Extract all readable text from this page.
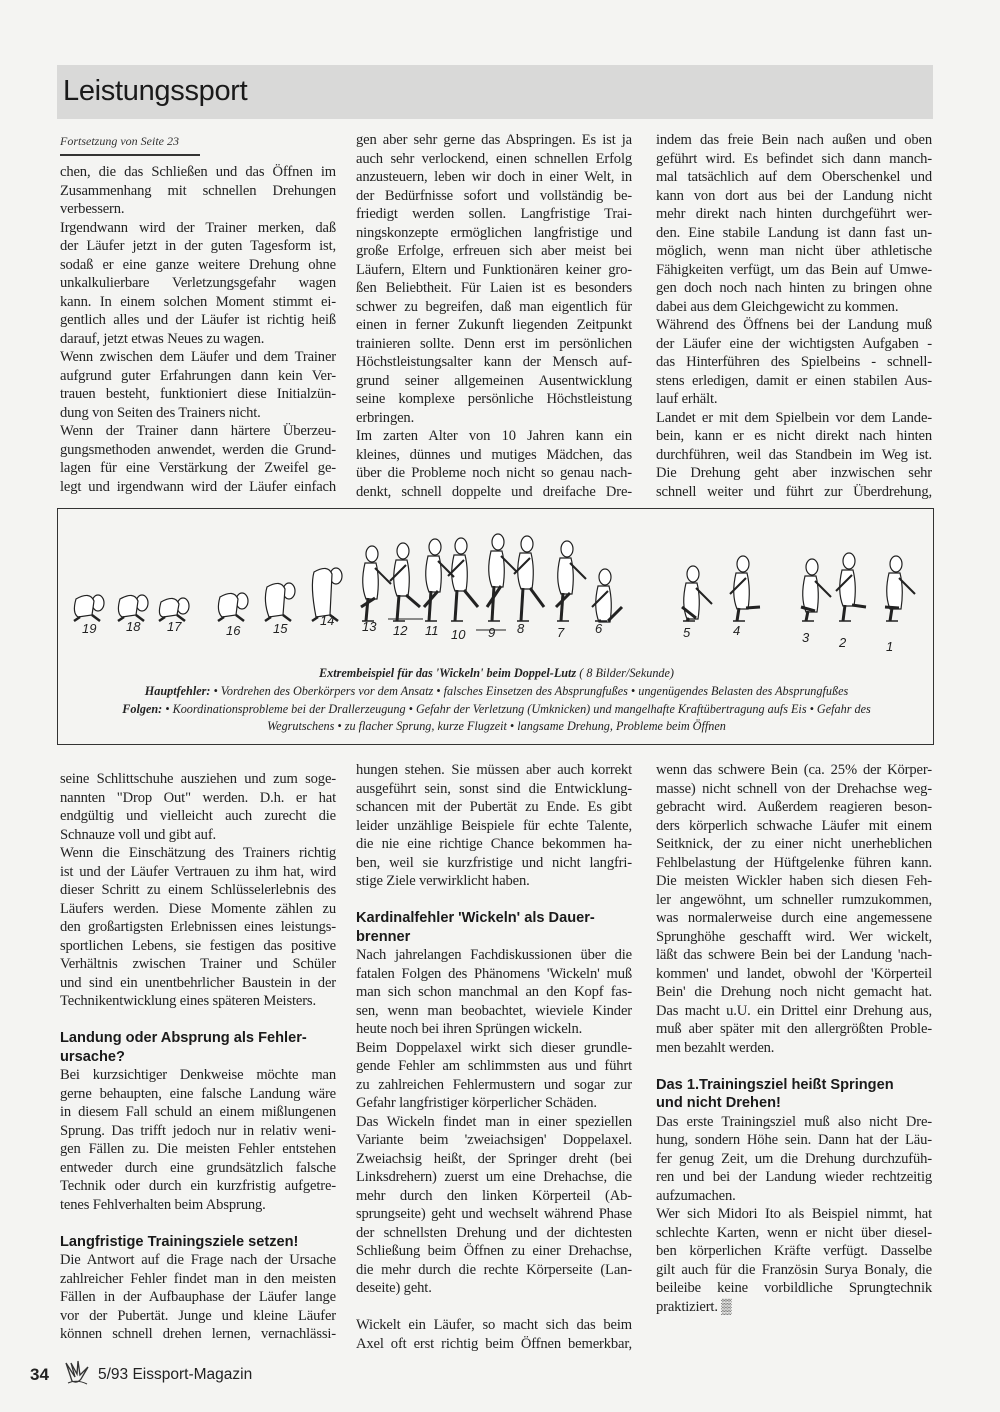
Leistungssport
Fortsetzung von Seite 23
chen, die das Schließen und das Öffnen im
Zusammenhang mit schnellen Drehungen
verbessern.
Irgendwann wird der Trainer merken, daß
der Läufer jetzt in der guten Tagesform ist,
sodaß er eine ganze weitere Drehung ohne
unkalkulierbare Verletzungsgefahr wagen
kann. In einem solchen Moment stimmt ei-
gentlich alles und der Läufer ist richtig heiß
darauf, jetzt etwas Neues zu wagen.
Wenn zwischen dem Läufer und dem Trainer
aufgrund guter Erfahrungen dann kein Ver-
trauen besteht, funktioniert diese Initialzün-
dung von Seiten des Trainers nicht.
Wenn der Trainer dann härtere Überzeu-
gungsmethoden anwendet, werden die Grund-
lagen für eine Verstärkung der Zweifel ge-
legt und irgendwann wird der Läufer einfach
gen aber sehr gerne das Abspringen. Es ist ja
auch sehr verlockend, einen schnellen Erfolg
anzusteuern, leben wir doch in einer Welt, in
der Bedürfnisse sofort und vollständig be-
friedigt werden sollen. Langfristige Trai-
ningskonzepte ermöglichen langfristige und
große Erfolge, erfreuen sich aber meist bei
Läufern, Eltern und Funktionären keiner gro-
ßen Beliebtheit. Für Laien ist es besonders
schwer zu begreifen, daß man eigentlich für
einen in ferner Zukunft liegenden Zeitpunkt
trainieren sollte. Denn erst im persönlichen
Höchstleistungsalter kann der Mensch auf-
grund seiner allgemeinen Ausentwicklung
seine komplexe persönliche Höchstleistung
erbringen.
Im zarten Alter von 10 Jahren kann ein
kleines, dünnes und mutiges Mädchen, das
über die Probleme noch nicht so genau nach-
denkt, schnell doppelte und dreifache Dre-
indem das freie Bein nach außen und oben
geführt wird. Es befindet sich dann manch-
mal tatsächlich auf dem Oberschenkel und
kann von dort aus bei der Landung nicht
mehr direkt nach hinten durchgeführt wer-
den. Eine stabile Landung ist dann fast un-
möglich, wenn man nicht über athletische
Fähigkeiten verfügt, um das Bein auf Umwe-
gen doch noch nach hinten zu bringen ohne
dabei aus dem Gleichgewicht zu kommen.
Während des Öffnens bei der Landung muß
der Läufer eine der wichtigsten Aufgaben -
das Hinterführen des Spielbeins - schnell-
stens erledigen, damit er einen stabilen Aus-
lauf erhält.
Landet er mit dem Spielbein vor dem Lande-
bein, kann er es nicht direkt nach hinten
durchführen, weil das Standbein im Weg ist.
Die Drehung geht aber inzwischen sehr
schnell weiter und führt zur Überdrehung,
1
2
3
4
5
6
7
8
9
10
11
12
13
14
15
16
17
18
19
Extrembeispiel für das 'Wickeln' beim Doppel-Lutz ( 8 Bilder/Sekunde)
Hauptfehler: • Vordrehen des Oberkörpers vor dem Ansatz • falsches Einsetzen des Absprungfußes • ungenügendes Belasten des Absprungfußes
Folgen: • Koordinationsprobleme bei der Drallerzeugung • Gefahr der Verletzung (Umknicken) und mangelhafte Kraftübertragung aufs Eis • Gefahr des
Wegrutschens • zu flacher Sprung, kurze Flugzeit • langsame Drehung, Probleme beim Öffnen
seine Schlittschuhe ausziehen und zum soge-
nannten "Drop Out" werden. D.h. er hat
endgültig und vielleicht auch zurecht die
Schnauze voll und gibt auf.
Wenn die Einschätzung des Trainers richtig
ist und der Läufer Vertrauen zu ihm hat, wird
dieser Schritt zu einem Schlüsselerlebnis des
Läufers werden. Diese Momente zählen zu
den großartigsten Erlebnissen eines leistungs-
sportlichen Lebens, sie festigen das positive
Verhältnis zwischen Trainer und Schüler
und sind ein unentbehrlicher Baustein in der
Technikentwicklung eines späteren Meisters.
Landung oder Absprung als Fehler-
ursache?
Bei kurzsichtiger Denkweise möchte man
gerne behaupten, eine falsche Landung wäre
in diesem Fall schuld an einem mißlungenen
Sprung. Das trifft jedoch nur in relativ weni-
gen Fällen zu. Die meisten Fehler entstehen
entweder durch eine grundsätzlich falsche
Technik oder durch ein kurzfristig aufgetre-
tenes Fehlverhalten beim Absprung.
Langfristige Trainingsziele setzen!
Die Antwort auf die Frage nach der Ursache
zahlreicher Fehler findet man in den meisten
Fällen in der Aufbauphase der Läufer lange
vor der Pubertät. Junge und kleine Läufer
können schnell drehen lernen, vernachlässi-
hungen stehen. Sie müssen aber auch korrekt
ausgeführt sein, sonst sind die Entwicklung-
schancen mit der Pubertät zu Ende. Es gibt
leider unzählige Beispiele für echte Talente,
die nie eine richtige Chance bekommen ha-
ben, weil sie kurzfristige und nicht langfri-
stige Ziele verwirklicht haben.
Kardinalfehler 'Wickeln' als Dauer-
brenner
Nach jahrelangen Fachdiskussionen über die
fatalen Folgen des Phänomens 'Wickeln' muß
man sich schon manchmal an den Kopf fas-
sen, wenn man beobachtet, wieviele Kinder
heute noch bei ihren Sprüngen wickeln.
Beim Doppelaxel wirkt sich dieser grundle-
gende Fehler am schlimmsten aus und führt
zu zahlreichen Fehlermustern und sogar zur
Gefahr langfristiger körperlicher Schäden.
Das Wickeln findet man in einer speziellen
Variante beim 'zweiachsigen' Doppelaxel.
Zweiachsig heißt, der Springer dreht (bei
Linksdrehern) zuerst um eine Drehachse, die
mehr durch den linken Körperteil (Ab-
sprungseite) geht und wechselt während Phase
der schnellsten Drehung und der dichtesten
Schließung beim Öffnen zu einer Drehachse,
die mehr durch die rechte Körperseite (Lan-
deseite) geht.
Wickelt ein Läufer, so macht sich das beim
Axel oft erst richtig beim Öffnen bemerkbar,
wenn das schwere Bein (ca. 25% der Körper-
masse) nicht schnell von der Drehachse weg-
gebracht wird. Außerdem reagieren beson-
ders körperlich schwache Läufer mit einem
Seitknick, der zu einer nicht unerheblichen
Fehlbelastung der Hüftgelenke führen kann.
Die meisten Wickler haben sich diesen Feh-
ler angewöhnt, um schneller rumzukommen,
was normalerweise durch eine angemessene
Sprunghöhe geschafft wird. Wer wickelt,
läßt das schwere Bein bei der Landung 'nach-
kommen' und landet, obwohl der 'Körperteil
Bein' die Drehung noch nicht gemacht hat.
Das macht u.U. ein Drittel einr Drehung aus,
muß aber später mit den allergrößten Proble-
men bezahlt werden.
Das 1.Trainingsziel heißt Springen
und nicht Drehen!
Das erste Trainingsziel muß also nicht Dre-
hung, sondern Höhe sein. Dann hat der Läu-
fer genug Zeit, um die Drehung durchzufüh-
ren und bei der Landung wieder rechtzeitig
aufzumachen.
Wer sich Midori Ito als Beispiel nimmt, hat
schlechte Karten, wenn er nicht über diesel-
ben körperlichen Kräfte verfügt. Dasselbe
gilt auch für die Französin Surya Bonaly, die
beileibe keine vorbildliche Sprungtechnik
praktiziert. ▒
34	5/93 Eissport-Magazin
